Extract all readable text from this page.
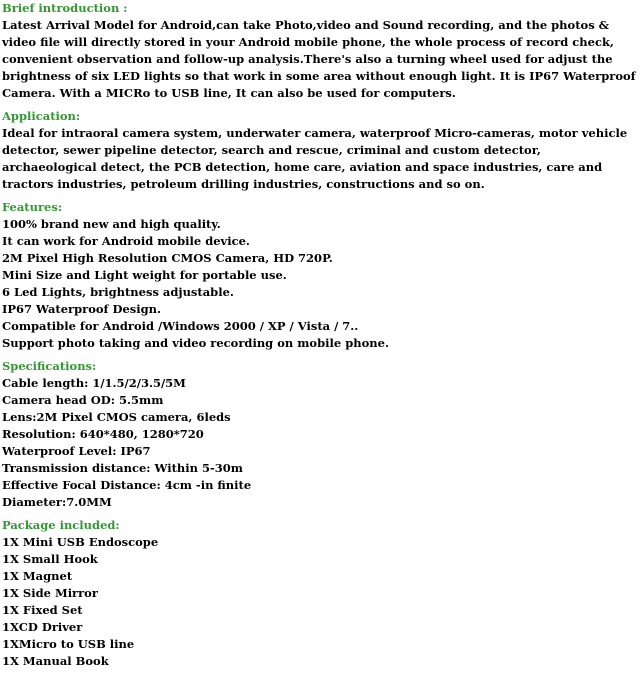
Brief introduction :

Latest Arrival Model for Android,can take Photo,video and Sound recording, and the photos & video file will directly stored in your Android mobile phone, the whole process of record check, convenient observation and follow-up analysis.There's also a turning wheel used for adjust the brightness of six LED lights so that work in some area without enough light. It is IP67 Waterproof Camera. With a MICRo to USB line, It can also be used for computers.

Application:

Ideal for intraoral camera system, underwater camera, waterproof Micro-cameras, motor vehicle detector, sewer pipeline detector, search and rescue, criminal and custom detector, archaeological detect, the PCB detection, home care, aviation and space industries, care and tractors industries, petroleum drilling industries, constructions and so on.

Features:

100% brand new and high quality.
It can work for Android mobile device.
2M Pixel High Resolution CMOS Camera, HD 720P.
Mini Size and Light weight for portable use.
6 Led Lights, brightness adjustable.
IP67 Waterproof Design.
Compatible for Android /Windows 2000 / XP / Vista / 7..
Support photo taking and video recording on mobile phone.

Specifications:

Cable length: 1/1.5/2/3.5/5M
Camera head OD: 5.5mm
Lens:2M Pixel CMOS camera, 6leds
Resolution: 640*480, 1280*720
Waterproof Level: IP67
Transmission distance: Within 5-30m
Effective Focal Distance: 4cm -in finite
Diameter:7.0MM

Package included:

1X Mini USB Endoscope
1X Small Hook
1X Magnet
1X Side Mirror
1X Fixed Set
1XCD Driver
1XMicro to USB line
1X Manual Book
